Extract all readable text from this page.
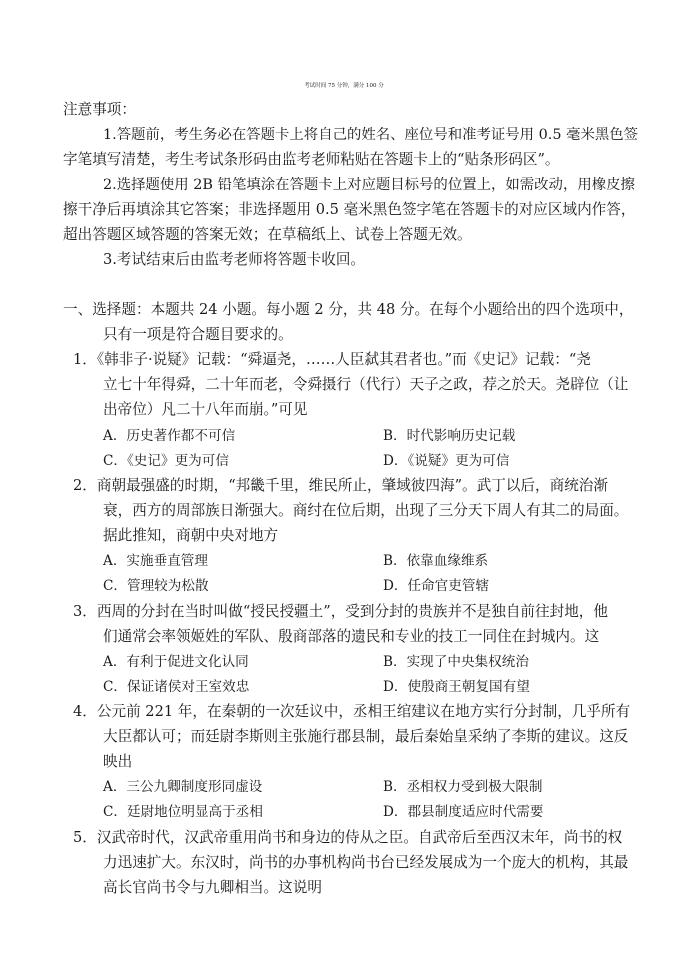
考试时间 75 分钟，满分 100 分
注意事项：
1.答题前，考生务必在答题卡上将自己的姓名、座位号和准考证号用 0.5 毫米黑色签
字笔填写清楚，考生考试条形码由监考老师粘贴在答题卡上的“贴条形码区”。
2.选择题使用 2B 铅笔填涂在答题卡上对应题目标号的位置上，如需改动，用橡皮擦
擦干净后再填涂其它答案；非选择题用 0.5 毫米黑色签字笔在答题卡的对应区域内作答，
超出答题区域答题的答案无效；在草稿纸上、试卷上答题无效。
3.考试结束后由监考老师将答题卡收回。
一、选择题：本题共 24 小题。每小题 2 分，共 48 分。在每个小题给出的四个选项中，
只有一项是符合题目要求的。
1．《韩非子·说疑》记载：“舜逼尧，……人臣弑其君者也。”而《史记》记载：“尧
立七十年得舜，二十年而老，令舜摄行（代行）天子之政，荐之於天。尧辟位（让
出帝位）凡二十八年而崩。”可见
A．历史著作都不可信	B．时代影响历史记载
C．《史记》更为可信	D．《说疑》更为可信
2．商朝最强盛的时期，“邦畿千里，维民所止，肇域彼四海”。武丁以后，商统治渐
衰，西方的周部族日渐强大。商纣在位后期，出现了三分天下周人有其二的局面。
据此推知，商朝中央对地方
A．实施垂直管理	B．依靠血缘维系
C．管理较为松散	D．任命官吏管辖
3．西周的分封在当时叫做“授民授疆土”，受到分封的贵族并不是独自前往封地，他
们通常会率领姬姓的军队、殷商部落的遗民和专业的技工一同住在封城内。这
A．有利于促进文化认同	B．实现了中央集权统治
C．保证诸侯对王室效忠	D．使殷商王朝复国有望
4．公元前 221 年，在秦朝的一次廷议中，丞相王绾建议在地方实行分封制，几乎所有
大臣都认可；而廷尉李斯则主张施行郡县制，最后秦始皇采纳了李斯的建议。这反
映出
A．三公九卿制度形同虚设	B．丞相权力受到极大限制
C．廷尉地位明显高于丞相	D．郡县制度适应时代需要
5．汉武帝时代，汉武帝重用尚书和身边的侍从之臣。自武帝后至西汉末年，尚书的权
力迅速扩大。东汉时，尚书的办事机构尚书台已经发展成为一个庞大的机构，其最
高长官尚书令与九卿相当。这说明
